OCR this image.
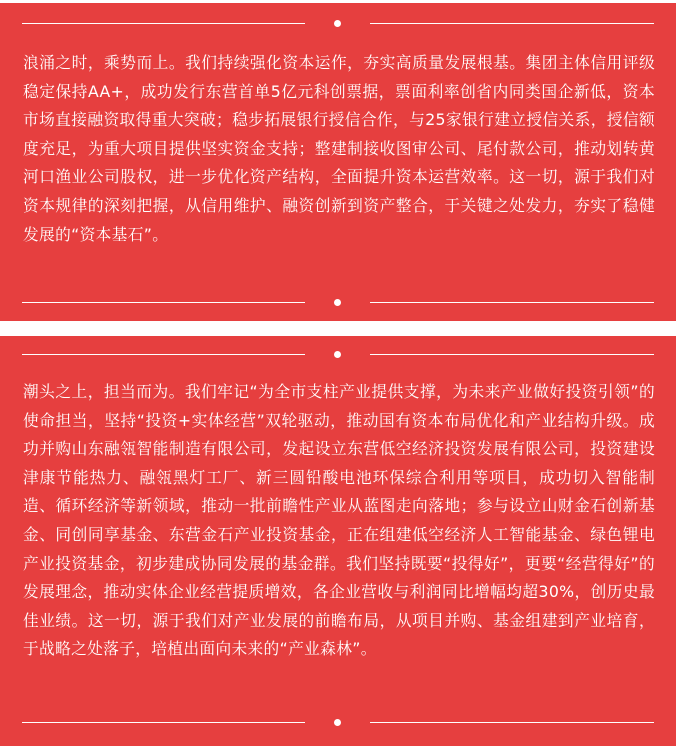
浪涌之时，乘势而上。我们持续强化资本运作，夯实高质量发展根基。集团主体信用评级稳定保持AA+，成功发行东营首单5亿元科创票据，票面利率创省内同类国企新低，资本市场直接融资取得重大突破；稳步拓展银行授信合作，与25家银行建立授信关系，授信额度充足，为重大项目提供坚实资金支持；整建制接收图审公司、尾付款公司，推动划转黄河口渔业公司股权，进一步优化资产结构，全面提升资本运营效率。这一切，源于我们对资本规律的深刻把握，从信用维护、融资创新到资产整合，于关键之处发力，夯实了稳健发展的“资本基石”。

潮头之上，担当而为。我们牢记“为全市支柱产业提供支撑，为未来产业做好投资引领”的使命担当，坚持“投资+实体经营”双轮驱动，推动国有资本布局优化和产业结构升级。成功并购山东融瓴智能制造有限公司，发起设立东营低空经济投资发展有限公司，投资建设津康节能热力、融瓴黑灯工厂、新三圆铅酸电池环保综合利用等项目，成功切入智能制造、循环经济等新领域，推动一批前瞻性产业从蓝图走向落地；参与设立山财金石创新基金、同创同享基金、东营金石产业投资基金，正在组建低空经济人工智能基金、绿色锂电产业投资基金，初步建成协同发展的基金群。我们坚持既要“投得好”，更要“经营得好”的发展理念，推动实体企业经营提质增效，各企业营收与利润同比增幅均超30%，创历史最佳业绩。这一切，源于我们对产业发展的前瞻布局，从项目并购、基金组建到产业培育，于战略之处落子，培植出面向未来的“产业森林”。
